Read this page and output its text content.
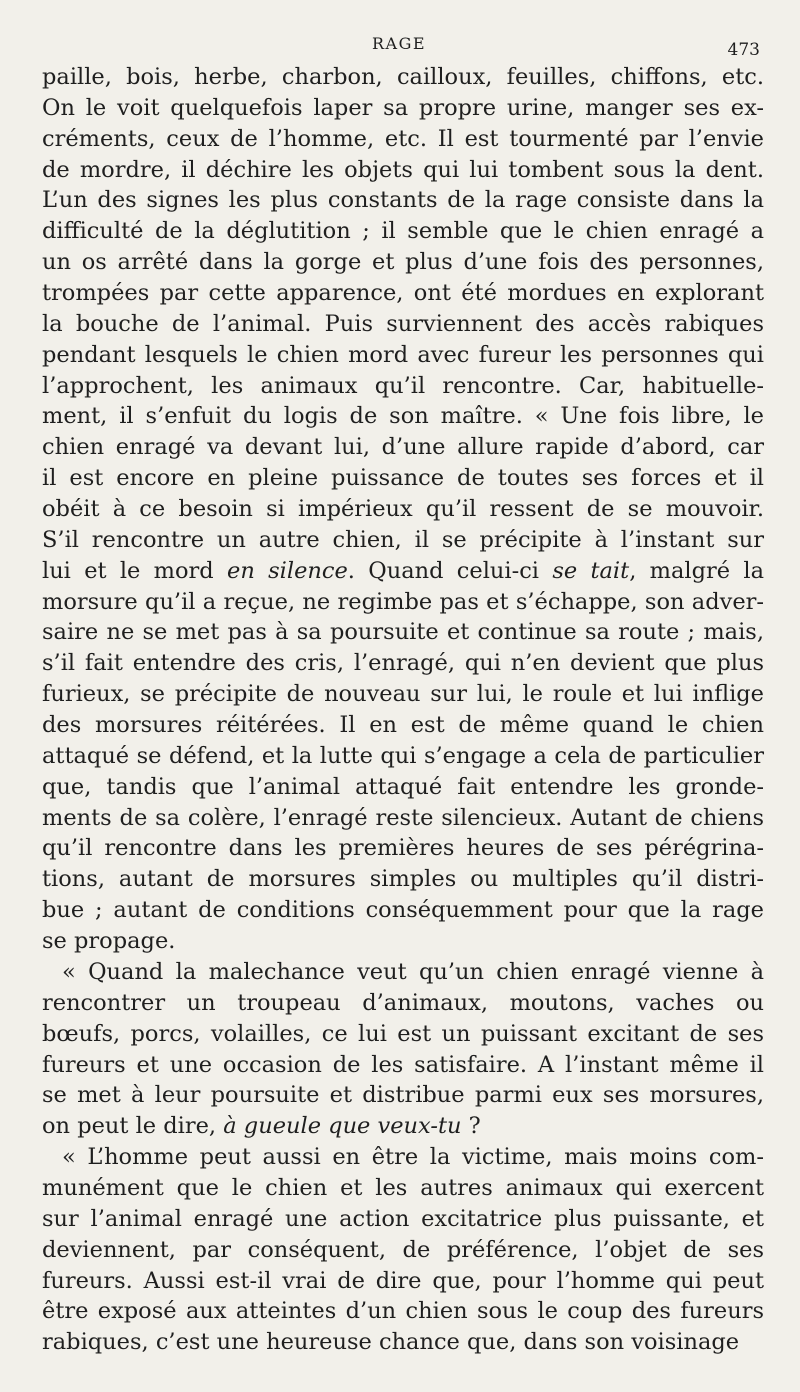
RAGE	473
paille, bois, herbe, charbon, cailloux, feuilles, chiffons, etc.
On le voit quelquefois laper sa propre urine, manger ses ex-
créments, ceux de l’homme, etc. Il est tourmenté par l’envie
de mordre, il déchire les objets qui lui tombent sous la dent.
L’un des signes les plus constants de la rage consiste dans la
difficulté de la déglutition ; il semble que le chien enragé a
un os arrêté dans la gorge et plus d’une fois des personnes,
trompées par cette apparence, ont été mordues en explorant
la bouche de l’animal. Puis surviennent des accès rabiques
pendant lesquels le chien mord avec fureur les personnes qui
l’approchent, les animaux qu’il rencontre. Car, habituelle-
ment, il s’enfuit du logis de son maître. « Une fois libre, le
chien enragé va devant lui, d’une allure rapide d’abord, car
il est encore en pleine puissance de toutes ses forces et il
obéit à ce besoin si impérieux qu’il ressent de se mouvoir.
S’il rencontre un autre chien, il se précipite à l’instant sur
lui et le mord en silence. Quand celui-ci se tait, malgré la
morsure qu’il a reçue, ne regimbe pas et s’échappe, son adver-
saire ne se met pas à sa poursuite et continue sa route ; mais,
s’il fait entendre des cris, l’enragé, qui n’en devient que plus
furieux, se précipite de nouveau sur lui, le roule et lui inflige
des morsures réitérées. Il en est de même quand le chien
attaqué se défend, et la lutte qui s’engage a cela de particulier
que, tandis que l’animal attaqué fait entendre les gronde-
ments de sa colère, l’enragé reste silencieux. Autant de chiens
qu’il rencontre dans les premières heures de ses pérégrina-
tions, autant de morsures simples ou multiples qu’il distri-
bue ; autant de conditions conséquemment pour que la rage
se propage.
« Quand la malechance veut qu’un chien enragé vienne à
rencontrer un troupeau d’animaux, moutons, vaches ou
bœufs, porcs, volailles, ce lui est un puissant excitant de ses
fureurs et une occasion de les satisfaire. A l’instant même il
se met à leur poursuite et distribue parmi eux ses morsures,
on peut le dire, à gueule que veux-tu ?
« L’homme peut aussi en être la victime, mais moins com-
munément que le chien et les autres animaux qui exercent
sur l’animal enragé une action excitatrice plus puissante, et
deviennent, par conséquent, de préférence, l’objet de ses
fureurs. Aussi est-il vrai de dire que, pour l’homme qui peut
être exposé aux atteintes d’un chien sous le coup des fureurs
rabiques, c’est une heureuse chance que, dans son voisinage
